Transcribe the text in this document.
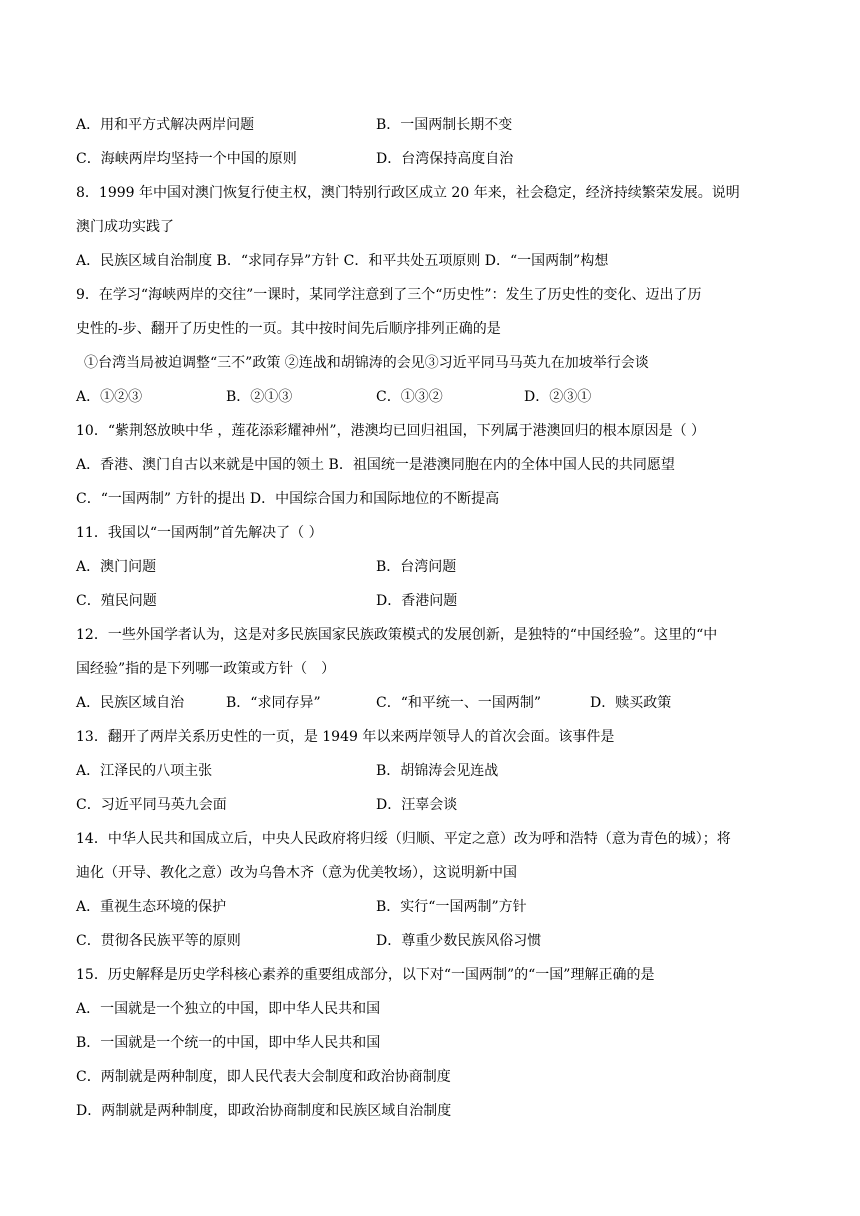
A．用和平方式解决两岸问题	B．一国两制长期不变
C．海峡两岸均坚持一个中国的原则	D．台湾保持高度自治
8．1999 年中国对澳门恢复行使主权，澳门特别行政区成立 20 年来，社会稳定，经济持续繁荣发展。说明
澳门成功实践了
A．民族区域自治制度 B．“求同存异”方针 C．和平共处五项原则 D．“一国两制”构想
9．在学习“海峡两岸的交往”一课时，某同学注意到了三个“历史性”：发生了历史性的变化、迈出了历
史性的-步、翻开了历史性的一页。其中按时间先后顺序排列正确的是
①台湾当局被迫调整“三不”政策 ②连战和胡锦涛的会见③习近平同马马英九在加坡举行会谈
A．①②③	B．②①③	C．①③②	D．②③①
10．“紫荆怒放映中华 ，莲花添彩耀神州”，港澳均已回归祖国，下列属于港澳回归的根本原因是（ ）
A．香港、澳门自古以来就是中国的领土 B．祖国统一是港澳同胞在内的全体中国人民的共同愿望
C．“一国两制” 方针的提出 D．中国综合国力和国际地位的不断提高
11．我国以“一国两制”首先解决了（ ）
A．澳门问题	B．台湾问题
C．殖民问题	D．香港问题
12．一些外国学者认为，这是对多民族国家民族政策模式的发展创新，是独特的“中国经验”。这里的“中
国经验”指的是下列哪一政策或方针（　）
A．民族区域自治	B．“求同存异”	C．“和平统一、一国两制”	D．赎买政策
13．翻开了两岸关系历史性的一页，是 1949 年以来两岸领导人的首次会面。该事件是
A．江泽民的八项主张	B．胡锦涛会见连战
C．习近平同马英九会面	D．汪辜会谈
14．中华人民共和国成立后，中央人民政府将归绥（归顺、平定之意）改为呼和浩特（意为青色的城）；将
迪化（开导、教化之意）改为乌鲁木齐（意为优美牧场），这说明新中国
A．重视生态环境的保护	B．实行“一国两制”方针
C．贯彻各民族平等的原则	D．尊重少数民族风俗习惯
15．历史解释是历史学科核心素养的重要组成部分，以下对“一国两制”的“一国”理解正确的是
A．一国就是一个独立的中国，即中华人民共和国
B．一国就是一个统一的中国，即中华人民共和国
C．两制就是两种制度，即人民代表大会制度和政治协商制度
D．两制就是两种制度，即政治协商制度和民族区域自治制度
